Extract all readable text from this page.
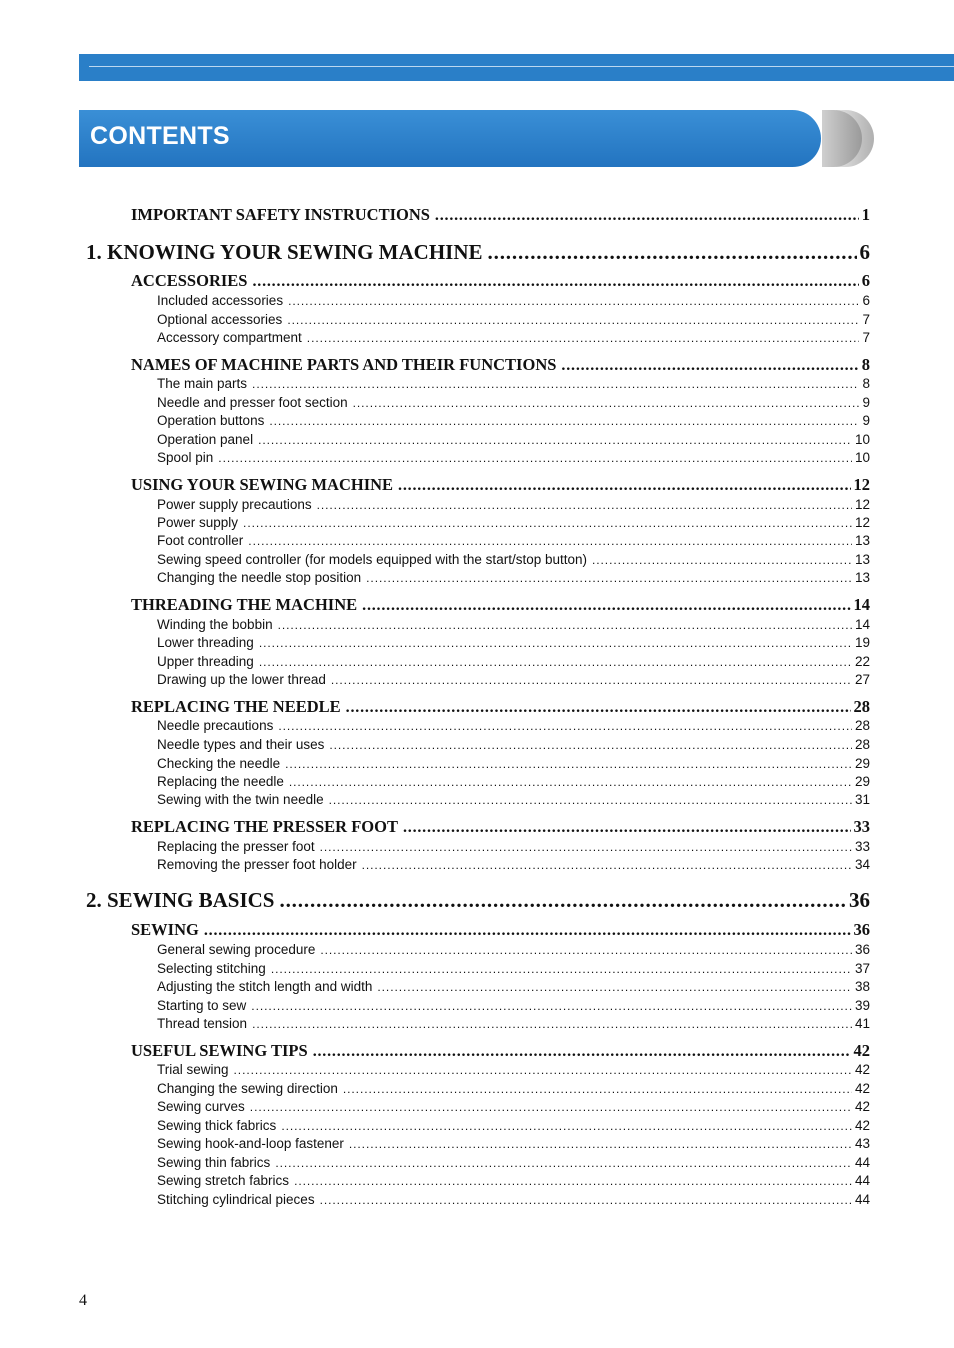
CONTENTS
IMPORTANT SAFETY INSTRUCTIONS . . .	1
1. KNOWING YOUR SEWING MACHINE . . .	6
ACCESSORIES . . .	6
Included accessories . . .	6
Optional accessories . . .	7
Accessory compartment . . .	7
NAMES OF MACHINE PARTS AND THEIR FUNCTIONS . . .	8
The main parts . . .	8
Needle and presser foot section . . .	9
Operation buttons . . .	9
Operation panel . . .	10
Spool pin . . .	10
USING YOUR SEWING MACHINE . . .	12
Power supply precautions . . .	12
Power supply . . .	12
Foot controller . . .	13
Sewing speed controller (for models equipped with the start/stop button) . . .	13
Changing the needle stop position . . .	13
THREADING THE MACHINE . . .	14
Winding the bobbin . . .	14
Lower threading . . .	19
Upper threading . . .	22
Drawing up the lower thread . . .	27
REPLACING THE NEEDLE . . .	28
Needle precautions . . .	28
Needle types and their uses . . .	28
Checking the needle . . .	29
Replacing the needle . . .	29
Sewing with the twin needle . . .	31
REPLACING THE PRESSER FOOT . . .	33
Replacing the presser foot . . .	33
Removing the presser foot holder . . .	34
2. SEWING BASICS . . .	36
SEWING . . .	36
General sewing procedure . . .	36
Selecting stitching . . .	37
Adjusting the stitch length and width . . .	38
Starting to sew . . .	39
Thread tension . . .	41
USEFUL SEWING TIPS . . .	42
Trial sewing . . .	42
Changing the sewing direction . . .	42
Sewing curves . . .	42
Sewing thick fabrics . . .	42
Sewing hook-and-loop fastener . . .	43
Sewing thin fabrics . . .	44
Sewing stretch fabrics . . .	44
Stitching cylindrical pieces . . .	44
4
